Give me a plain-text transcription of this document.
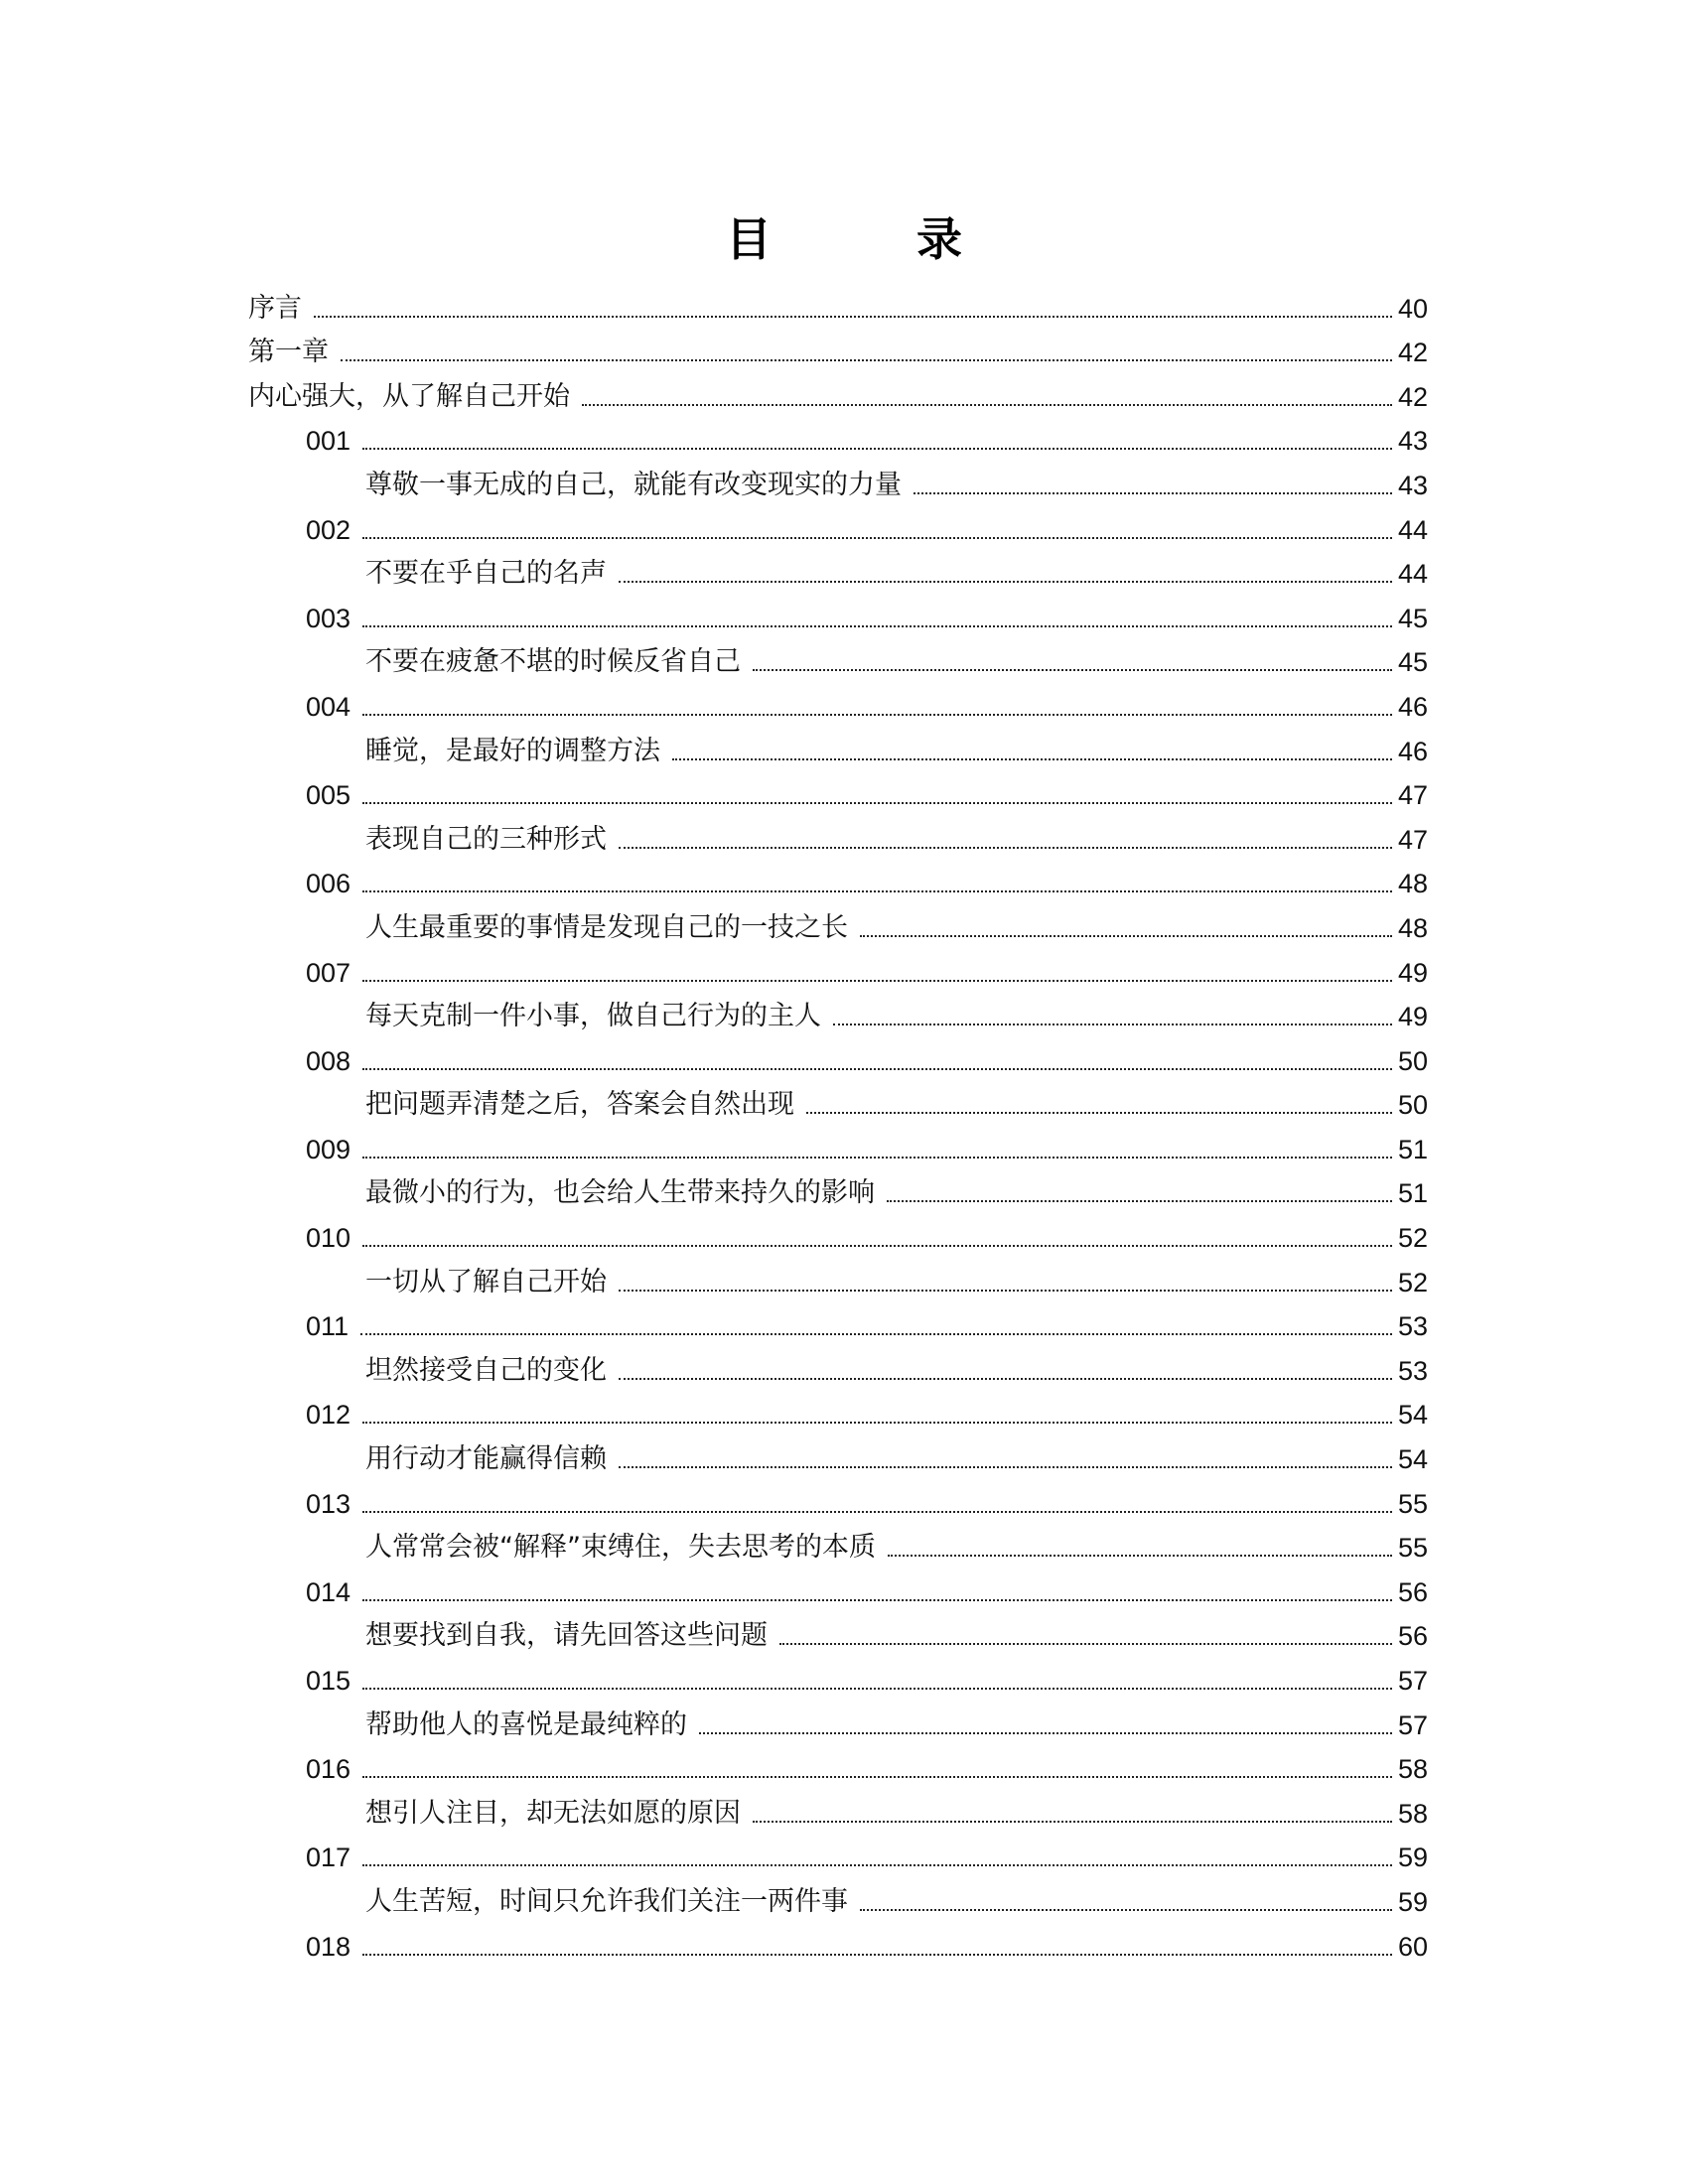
目　录
序言	40
第一章	42
内心强大，从了解自己开始	42
001	43
尊敬一事无成的自己，就能有改变现实的力量	43
002	44
不要在乎自己的名声	44
003	45
不要在疲惫不堪的时候反省自己	45
004	46
睡觉，是最好的调整方法	46
005	47
表现自己的三种形式	47
006	48
人生最重要的事情是发现自己的一技之长	48
007	49
每天克制一件小事，做自己行为的主人	49
008	50
把问题弄清楚之后，答案会自然出现	50
009	51
最微小的行为，也会给人生带来持久的影响	51
010	52
一切从了解自己开始	52
011	53
坦然接受自己的变化	53
012	54
用行动才能赢得信赖	54
013	55
人常常会被“解释”束缚住，失去思考的本质	55
014	56
想要找到自我，请先回答这些问题	56
015	57
帮助他人的喜悦是最纯粹的	57
016	58
想引人注目，却无法如愿的原因	58
017	59
人生苦短，时间只允许我们关注一两件事	59
018	60
